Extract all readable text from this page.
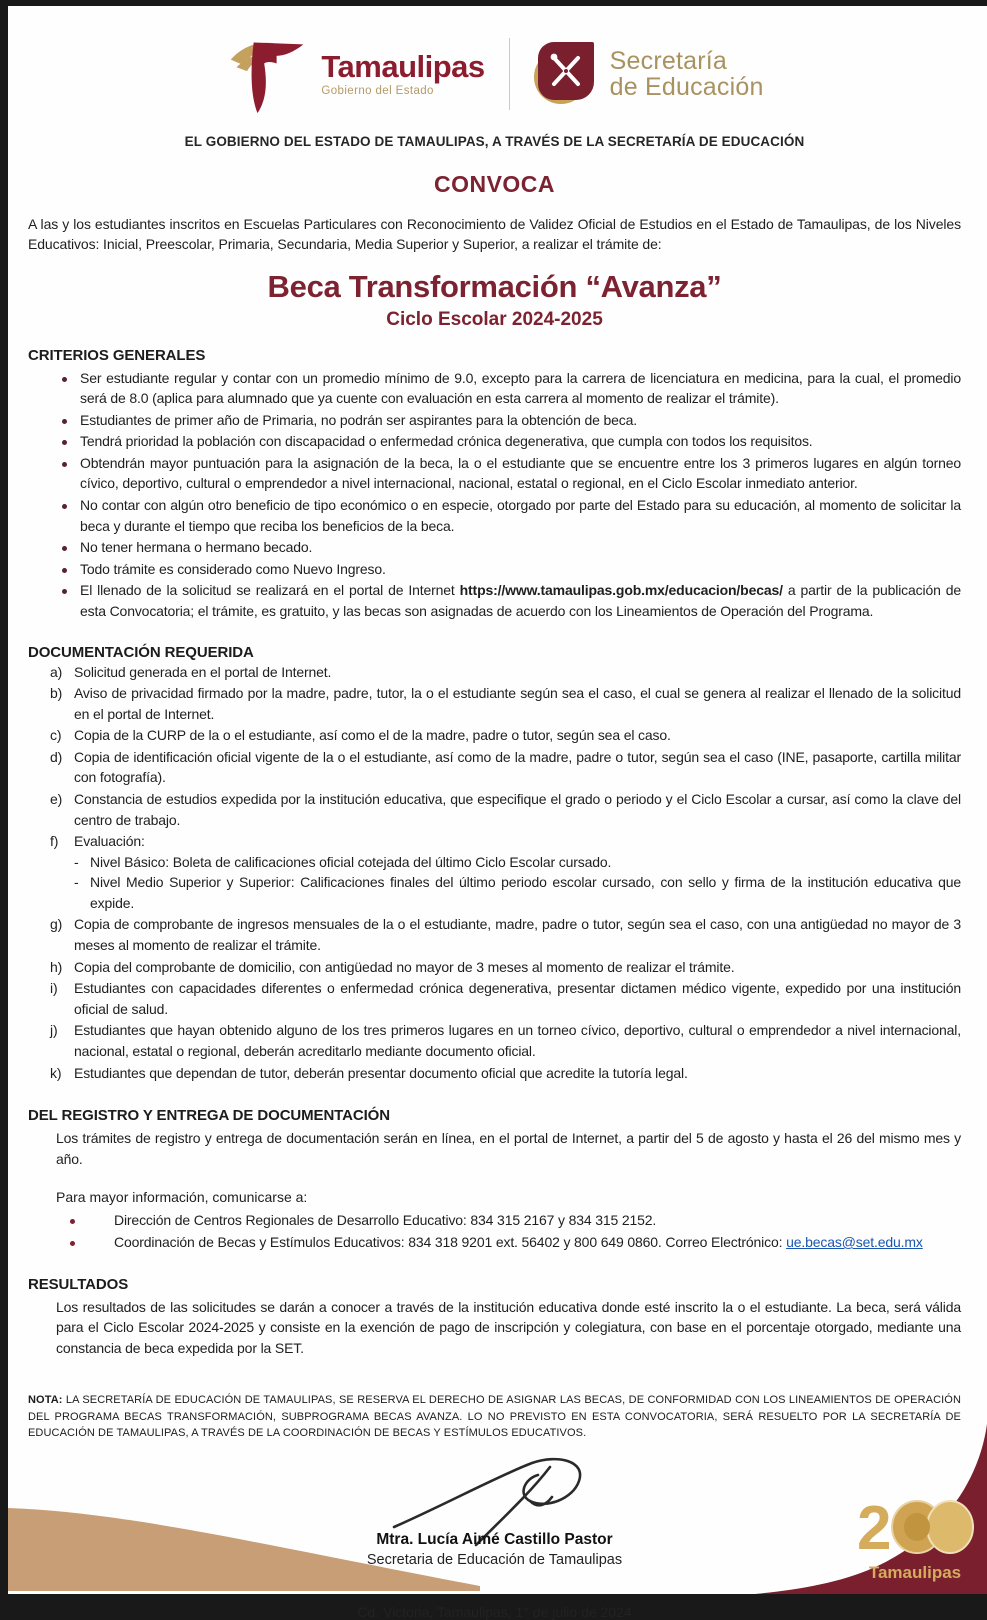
2
Tamaulipas
Tamaulipas
Gobierno del Estado
Secretaría
de Educación
EL GOBIERNO DEL ESTADO DE TAMAULIPAS, A TRAVÉS DE LA SECRETARÍA DE EDUCACIÓN
CONVOCA

A las y los estudiantes inscritos en Escuelas Particulares con Reconocimiento de Validez Oficial de Estudios en el Estado de Tamaulipas, de los Niveles Educativos: Inicial, Preescolar, Primaria, Secundaria, Media Superior y Superior, a realizar el trámite de:

Beca Transformación “Avanza”
Ciclo Escolar 2024-2025
CRITERIOS GENERALES
Ser estudiante regular y contar con un promedio mínimo de 9.0, excepto para la carrera de licenciatura en medicina, para la cual, el promedio será de 8.0 (aplica para alumnado que ya cuente con evaluación en esta carrera al momento de realizar el trámite).
Estudiantes de primer año de Primaria, no podrán ser aspirantes para la obtención de beca.
Tendrá prioridad la población con discapacidad o enfermedad crónica degenerativa, que cumpla con todos los requisitos.
Obtendrán mayor puntuación para la asignación de la beca, la o el estudiante que se encuentre entre los 3 primeros lugares en algún torneo cívico, deportivo, cultural o emprendedor a nivel internacional, nacional, estatal o regional, en el Ciclo Escolar inmediato anterior.
No contar con algún otro beneficio de tipo económico o en especie, otorgado por parte del Estado para su educación, al momento de solicitar la beca y durante el tiempo que reciba los beneficios de la beca.
No tener hermana o hermano becado.
Todo trámite es considerado como Nuevo Ingreso.
El llenado de la solicitud se realizará en el portal de Internet https://www.tamaulipas.gob.mx/educacion/becas/ a partir de la publicación de esta Convocatoria; el trámite, es gratuito, y las becas son asignadas de acuerdo con los Lineamientos de Operación del Programa.
DOCUMENTACIÓN REQUERIDA
a) Solicitud generada en el portal de Internet.
b) Aviso de privacidad firmado por la madre, padre, tutor, la o el estudiante según sea el caso, el cual se genera al realizar el llenado de la solicitud en el portal de Internet.
c) Copia de la CURP de la o el estudiante, así como el de la madre, padre o tutor, según sea el caso.
d) Copia de identificación oficial vigente de la o el estudiante, así como de la madre, padre o tutor, según sea el caso (INE, pasaporte, cartilla militar con fotografía).
e) Constancia de estudios expedida por la institución educativa, que especifique el grado o periodo y el Ciclo Escolar a cursar, así como la clave del centro de trabajo.
f)	Evaluación:
- Nivel Básico: Boleta de calificaciones oficial cotejada del último Ciclo Escolar cursado.
- Nivel Medio Superior y Superior: Calificaciones finales del último periodo escolar cursado, con sello y firma de la institución educativa que expide.
g) Copia de comprobante de ingresos mensuales de la o el estudiante, madre, padre o tutor, según sea el caso, con una antigüedad no mayor de 3 meses al momento de realizar el trámite.
h) Copia del comprobante de domicilio, con antigüedad no mayor de 3 meses al momento de realizar el trámite.
i)	Estudiantes con capacidades diferentes o enfermedad crónica degenerativa, presentar dictamen médico vigente, expedido por una institución oficial de salud.
j)	Estudiantes que hayan obtenido alguno de los tres primeros lugares en un torneo cívico, deportivo, cultural o emprendedor a nivel internacional, nacional, estatal o regional, deberán acreditarlo mediante documento oficial.
k) Estudiantes que dependan de tutor, deberán presentar documento oficial que acredite la tutoría legal.
DEL REGISTRO Y ENTREGA DE DOCUMENTACIÓN

Los trámites de registro y entrega de documentación serán en línea, en el portal de Internet, a partir del 5 de agosto y hasta el 26 del mismo mes y año.

Para mayor información, comunicarse a:
Dirección de Centros Regionales de Desarrollo Educativo: 834 315 2167 y 834 315 2152.
Coordinación de Becas y Estímulos Educativos: 834 318 9201 ext. 56402 y 800 649 0860. Correo Electrónico: ue.becas@set.edu.mx
RESULTADOS

Los resultados de las solicitudes se darán a conocer a través de la institución educativa donde esté inscrito la o el estudiante. La beca, será válida para el Ciclo Escolar 2024-2025 y consiste en la exención de pago de inscripción y colegiatura, con base en el porcentaje otorgado, mediante una constancia de beca expedida por la SET.

NOTA: LA SECRETARÍA DE EDUCACIÓN DE TAMAULIPAS, SE RESERVA EL DERECHO DE ASIGNAR LAS BECAS, DE CONFORMIDAD CON LOS LINEAMIENTOS DE OPERACIÓN DEL PROGRAMA BECAS TRANSFORMACIÓN, SUBPROGRAMA BECAS AVANZA. LO NO PREVISTO EN ESTA CONVOCATORIA, SERÁ RESUELTO POR LA SECRETARÍA DE EDUCACIÓN DE TAMAULIPAS, A TRAVÉS DE LA COORDINACIÓN DE BECAS Y ESTÍMULOS EDUCATIVOS.

Mtra. Lucía Aimé Castillo Pastor
Secretaria de Educación de Tamaulipas
Cd. Victoria, Tamaulipas, 1° de julio de 2024
